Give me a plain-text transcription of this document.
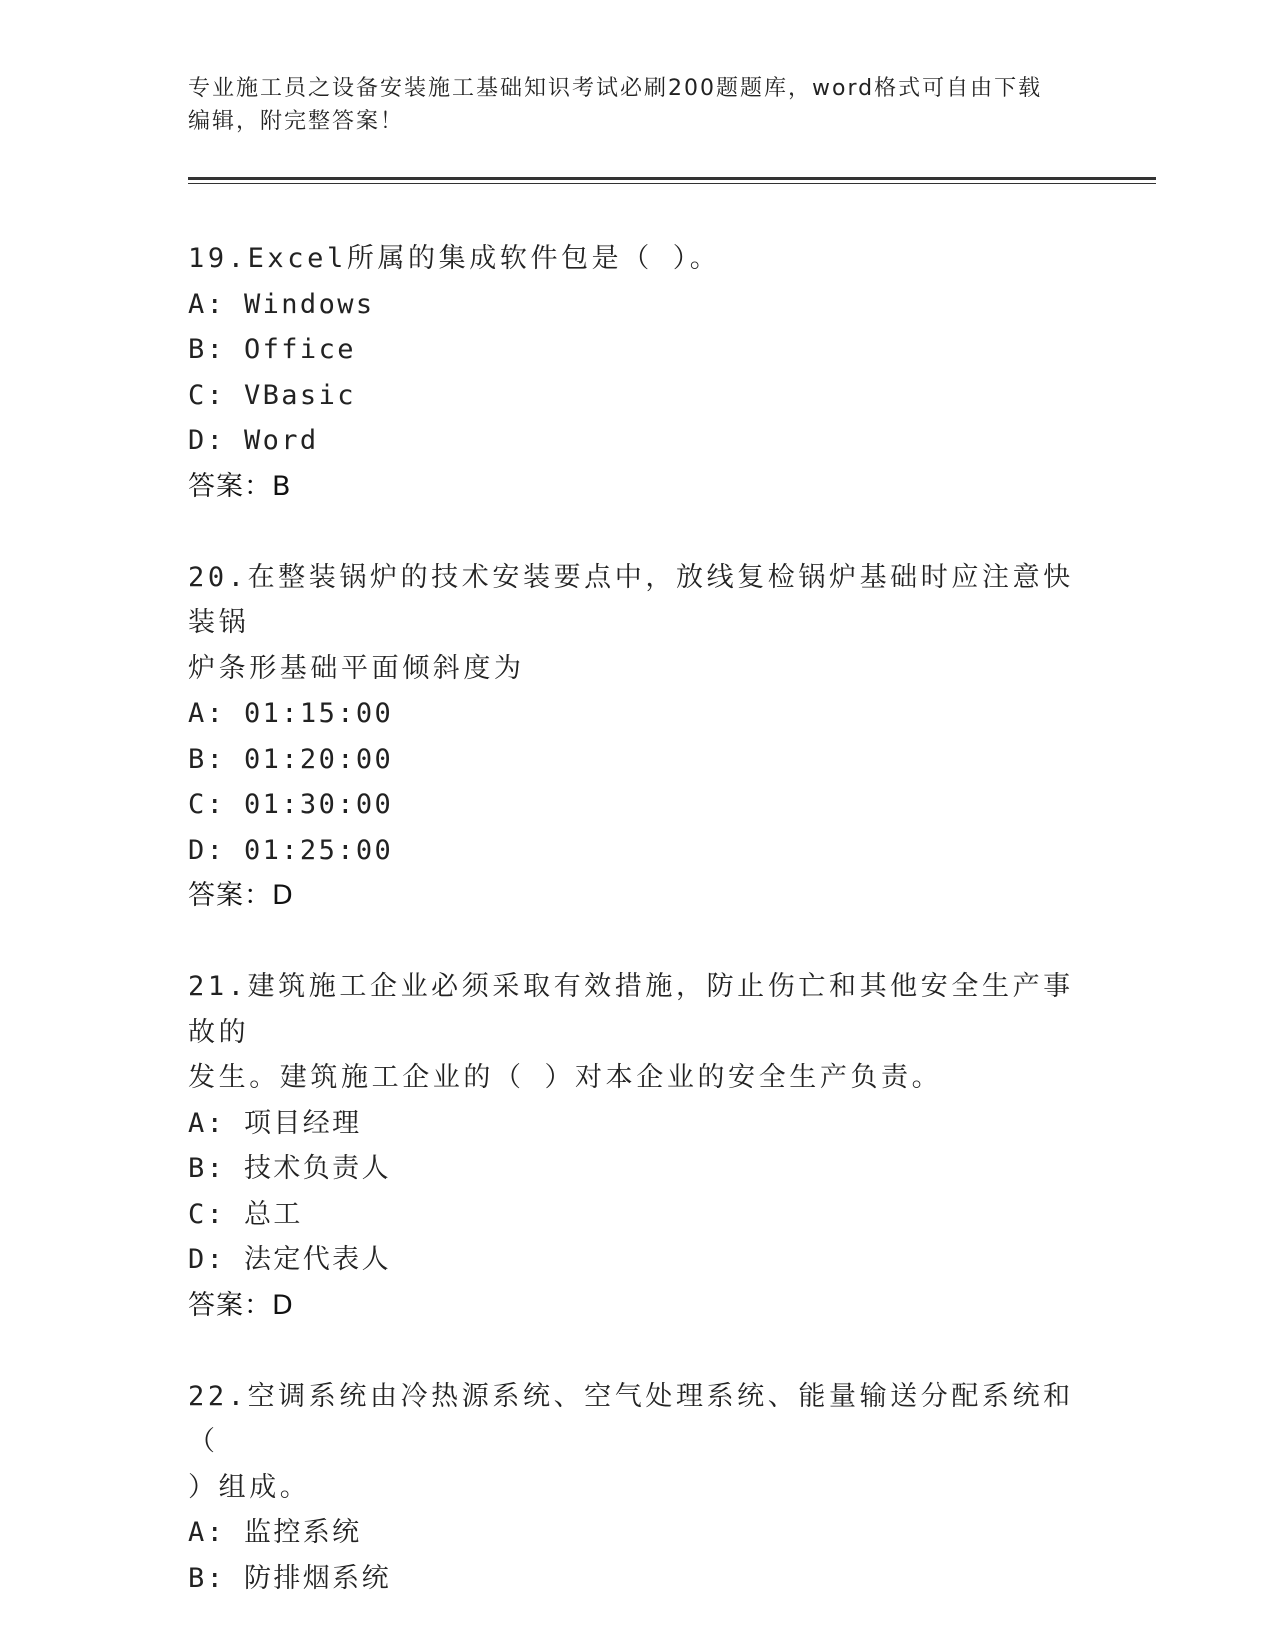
专业施工员之设备安装施工基础知识考试必刷200题题库，word格式可自由下载
编辑，附完整答案！
19.Excel所属的集成软件包是（ ）。
A: Windows
B: Office
C: VBasic
D: Word
答案：B
20.在整装锅炉的技术安装要点中，放线复检锅炉基础时应注意快装锅
炉条形基础平面倾斜度为
A: 01:15:00
B: 01:20:00
C: 01:30:00
D: 01:25:00
答案：D
21.建筑施工企业必须采取有效措施，防止伤亡和其他安全生产事故的
发生。建筑施工企业的（ ）对本企业的安全生产负责。
A: 项目经理
B: 技术负责人
C: 总工
D: 法定代表人
答案：D
22.空调系统由冷热源系统、空气处理系统、能量输送分配系统和（
）组成。
A: 监控系统
B: 防排烟系统
